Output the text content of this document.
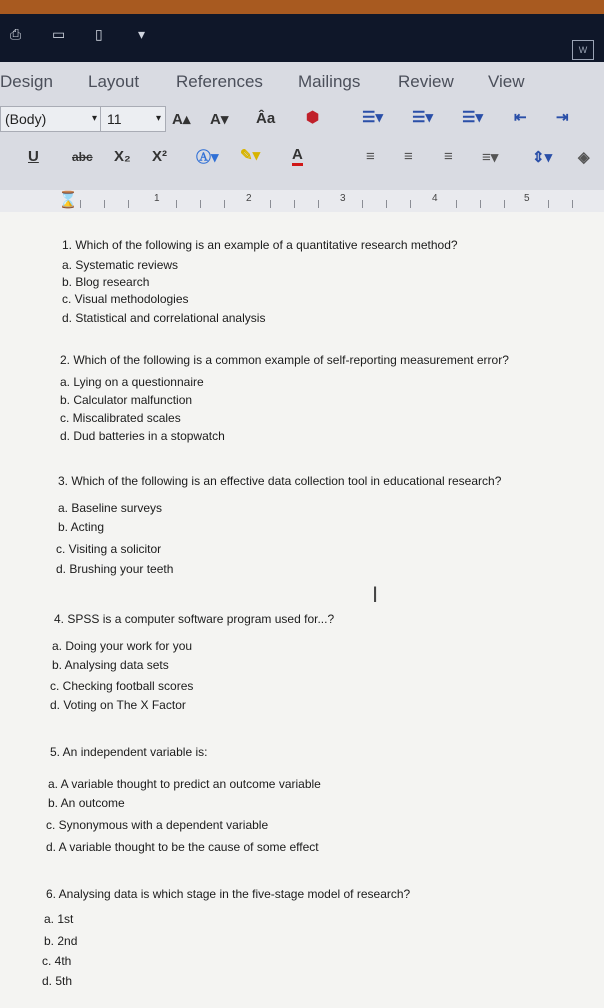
⎙ ▭ ▯	▾
W
Design Layout References Mailings Review View
(Body)	▾ 11	▾ A▴ A▾ Âa ⬢	☰▾ ☰▾ ☰▾ ⇤ ⇥
U	abc X₂ X² Ⓐ▾ ✎▾ A	≡ ≡ ≡ ≡▾ ⇕▾ ◈
⌛	1	2	3	4	5
1. Which of the following is an example of a quantitative research method?
a. Systematic reviews
b. Blog research
c. Visual methodologies
d. Statistical and correlational analysis
2. Which of the following is a common example of self-reporting measurement error?
a. Lying on a questionnaire
b. Calculator malfunction
c. Miscalibrated scales
d. Dud batteries in a stopwatch
3. Which of the following is an effective data collection tool in educational research?
a. Baseline surveys
b. Acting
c. Visiting a solicitor
d. Brushing your teeth
I
4. SPSS is a computer software program used for...?
a. Doing your work for you
b. Analysing data sets
c. Checking football scores
d. Voting on The X Factor
5. An independent variable is:
a. A variable thought to predict an outcome variable
b. An outcome
c. Synonymous with a dependent variable
d. A variable thought to be the cause of some effect
6. Analysing data is which stage in the five-stage model of research?
a. 1st
b. 2nd
c. 4th
d. 5th
